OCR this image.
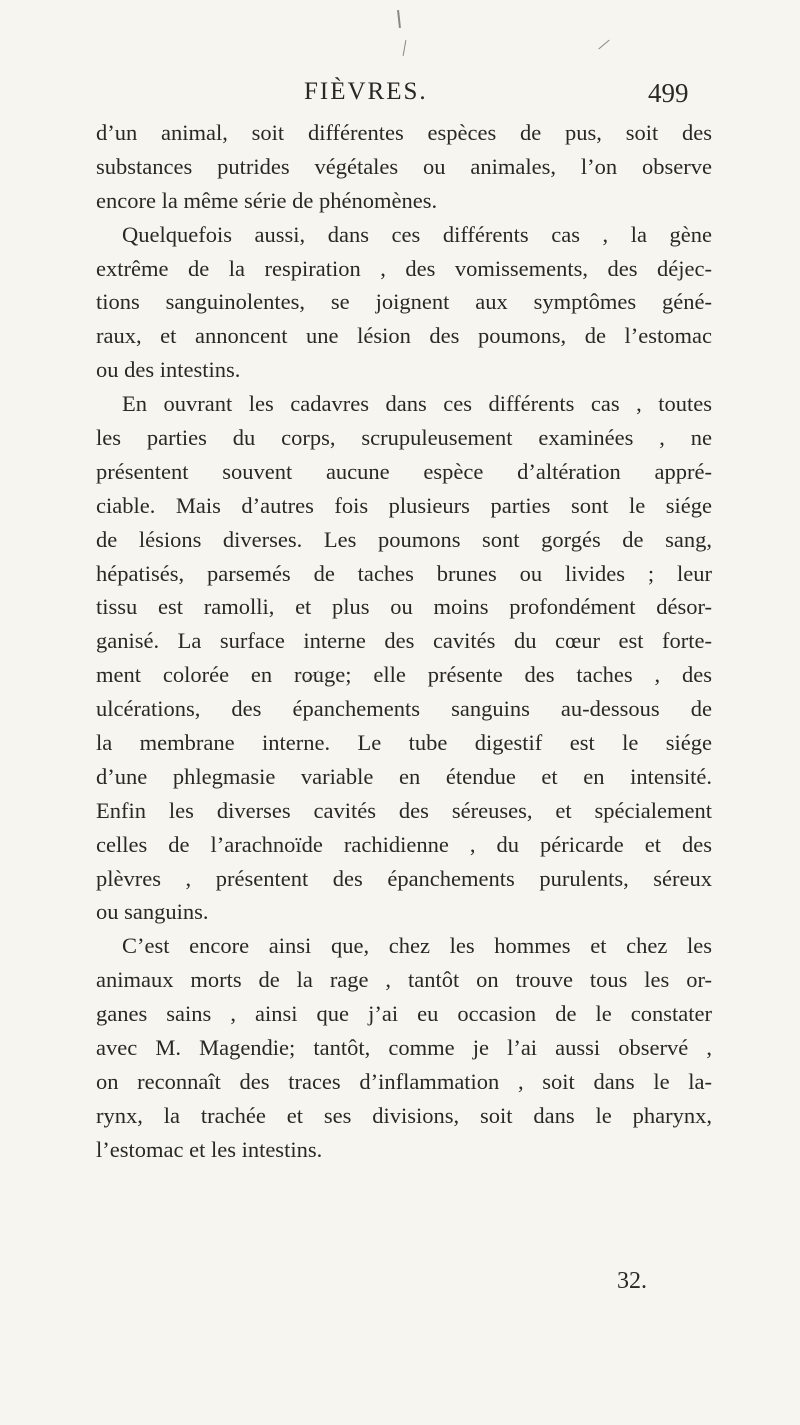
FIÈVRES.	499
d’un animal, soit différentes espèces de pus, soit des
substances putrides végétales ou animales, l’on observe
encore la même série de phénomènes.
Quelquefois aussi, dans ces différents cas , la gène
extrême de la respiration , des vomissements, des déjec-
tions sanguinolentes, se joignent aux symptômes géné-
raux, et annoncent une lésion des poumons, de l’estomac
ou des intestins.
En ouvrant les cadavres dans ces différents cas , toutes
les parties du corps, scrupuleusement examinées , ne
présentent souvent aucune espèce d’altération appré-
ciable. Mais d’autres fois plusieurs parties sont le siége
de lésions diverses. Les poumons sont gorgés de sang,
hépatisés, parsemés de taches brunes ou livides ; leur
tissu est ramolli, et plus ou moins profondément désor-
ganisé. La surface interne des cavités du cœur est forte-
ment colorée en rouge; elle présente des taches , des
ulcérations, des épanchements sanguins au-dessous de
la membrane interne. Le tube digestif est le siége
d’une phlegmasie variable en étendue et en intensité.
Enfin les diverses cavités des séreuses, et spécialement
celles de l’arachnoïde rachidienne , du péricarde et des
plèvres , présentent des épanchements purulents, séreux
ou sanguins.
C’est encore ainsi que, chez les hommes et chez les
animaux morts de la rage , tantôt on trouve tous les or-
ganes sains , ainsi que j’ai eu occasion de le constater
avec M. Magendie; tantôt, comme je l’ai aussi observé ,
on reconnaît des traces d’inflammation , soit dans le la-
rynx, la trachée et ses divisions, soit dans le pharynx,
l’estomac et les intestins.
32.
